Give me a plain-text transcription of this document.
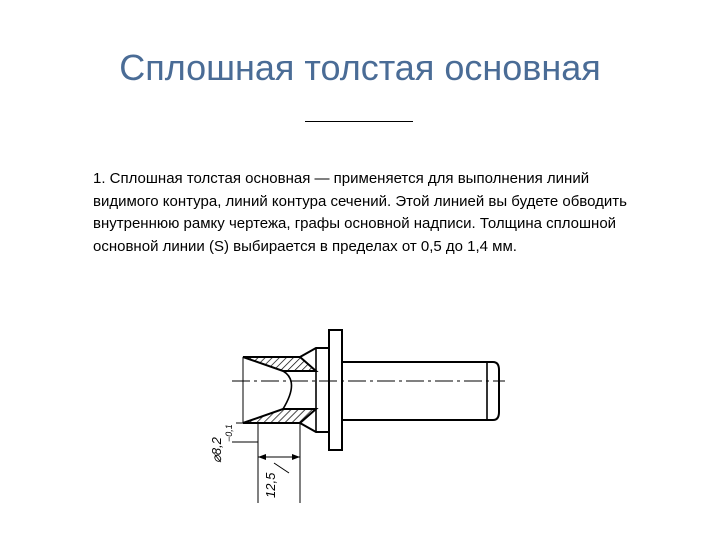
Сплошная толстая основная
1. Сплошная толстая основная — применяется для выполнения линий видимого контура, линий контура сечений. Этой линией вы будете обводить внутреннюю рамку чертежа, графы основной надписи. Толщина сплошной основной линии (S) выбирается в пределах от 0,5 до 1,4 мм.
⌀8,2
−0,1
12,5
